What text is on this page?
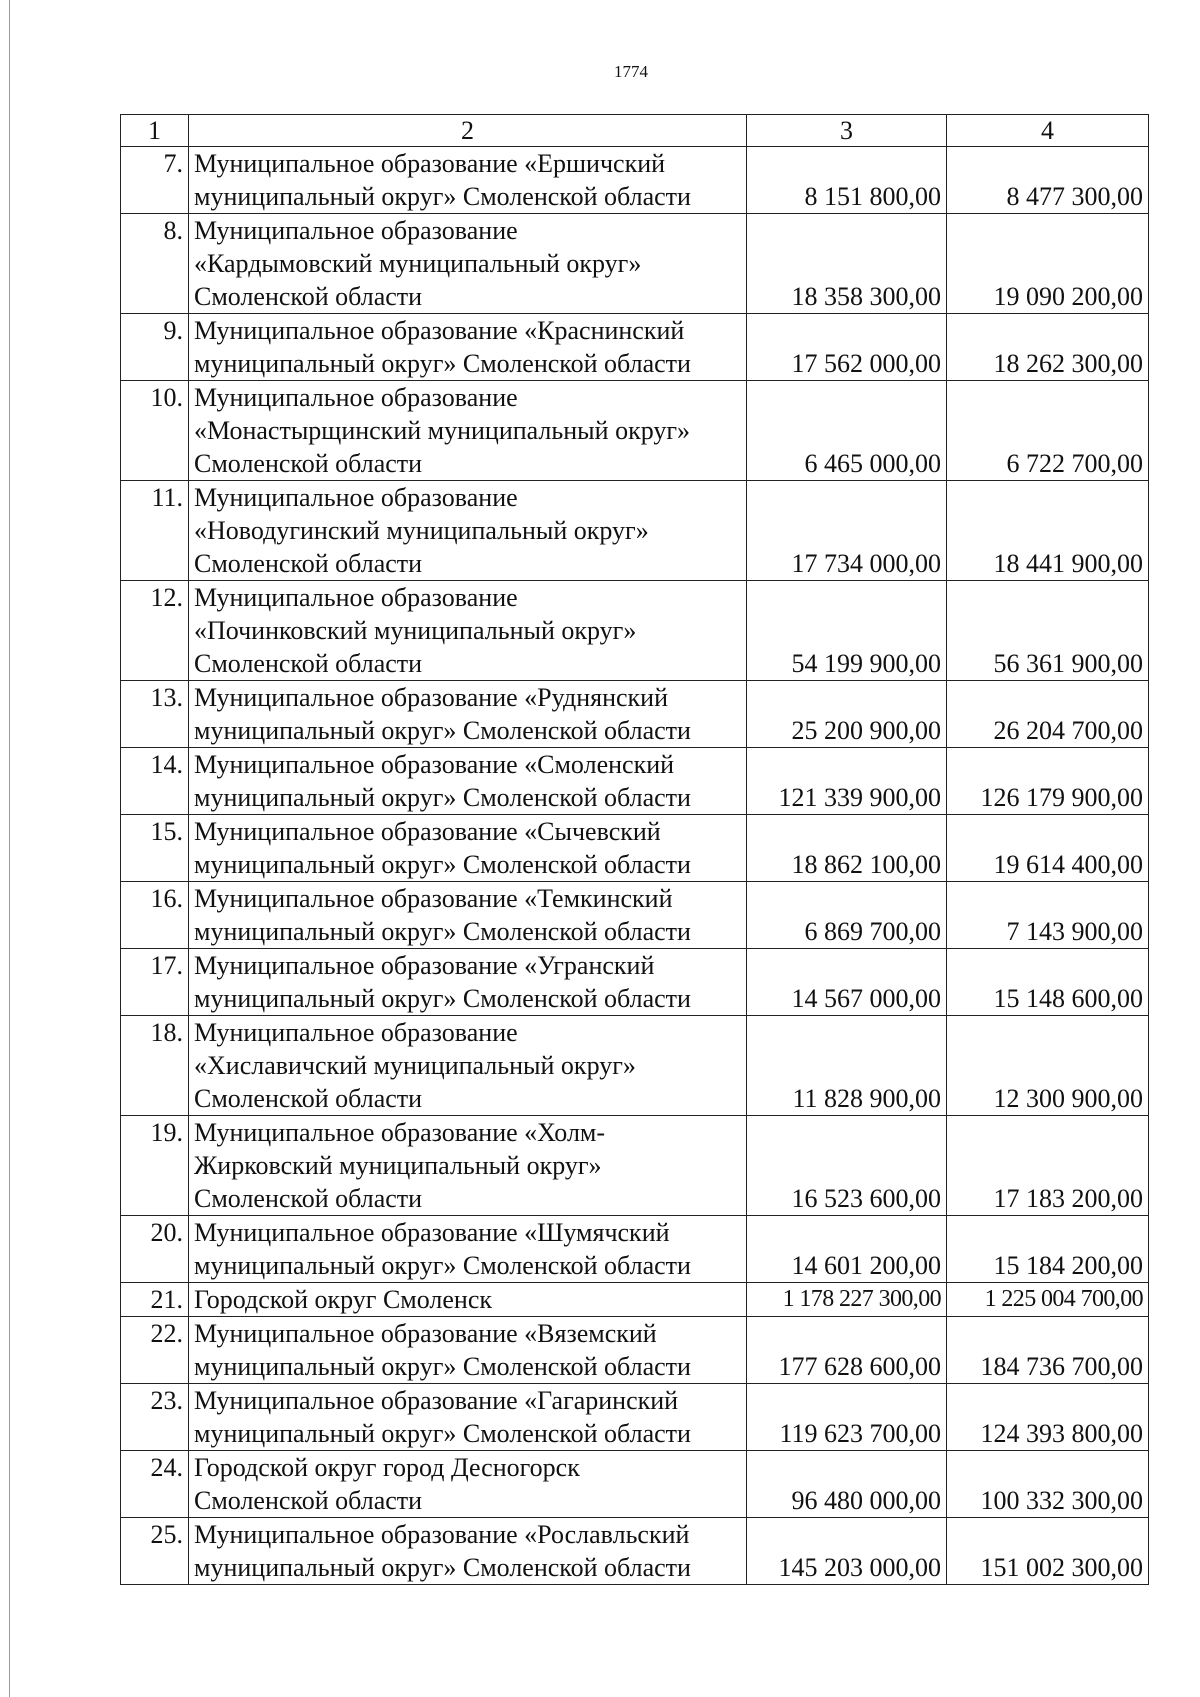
1774
1	2	3	4
7.	Муниципальное образование «Ершичский
муниципальный округ» Смоленской области	8 151 800,00	8 477 300,00
8.	Муниципальное образование
«Кардымовский муниципальный округ»
Смоленской области	18 358 300,00	19 090 200,00
9.	Муниципальное образование «Краснинский
муниципальный округ» Смоленской области	17 562 000,00	18 262 300,00
10.	Муниципальное образование
«Монастырщинский муниципальный округ»
Смоленской области	6 465 000,00	6 722 700,00
11.	Муниципальное образование
«Новодугинский муниципальный округ»
Смоленской области	17 734 000,00	18 441 900,00
12.	Муниципальное образование
«Починковский муниципальный округ»
Смоленской области	54 199 900,00	56 361 900,00
13.	Муниципальное образование «Руднянский
муниципальный округ» Смоленской области	25 200 900,00	26 204 700,00
14.	Муниципальное образование «Смоленский
муниципальный округ» Смоленской области	121 339 900,00	126 179 900,00
15.	Муниципальное образование «Сычевский
муниципальный округ» Смоленской области	18 862 100,00	19 614 400,00
16.	Муниципальное образование «Темкинский
муниципальный округ» Смоленской области	6 869 700,00	7 143 900,00
17.	Муниципальное образование «Угранский
муниципальный округ» Смоленской области	14 567 000,00	15 148 600,00
18.	Муниципальное образование
«Хиславичский муниципальный округ»
Смоленской области	11 828 900,00	12 300 900,00
19.	Муниципальное образование «Холм-
Жирковский муниципальный округ»
Смоленской области	16 523 600,00	17 183 200,00
20.	Муниципальное образование «Шумячский
муниципальный округ» Смоленской области	14 601 200,00	15 184 200,00
21.	Городской округ Смоленск	1 178 227 300,00	1 225 004 700,00
22.	Муниципальное образование «Вяземский
муниципальный округ» Смоленской области	177 628 600,00	184 736 700,00
23.	Муниципальное образование «Гагаринский
муниципальный округ» Смоленской области	119 623 700,00	124 393 800,00
24.	Городской округ город Десногорск
Смоленской области	96 480 000,00	100 332 300,00
25.	Муниципальное образование «Рославльский
муниципальный округ» Смоленской области	145 203 000,00	151 002 300,00
